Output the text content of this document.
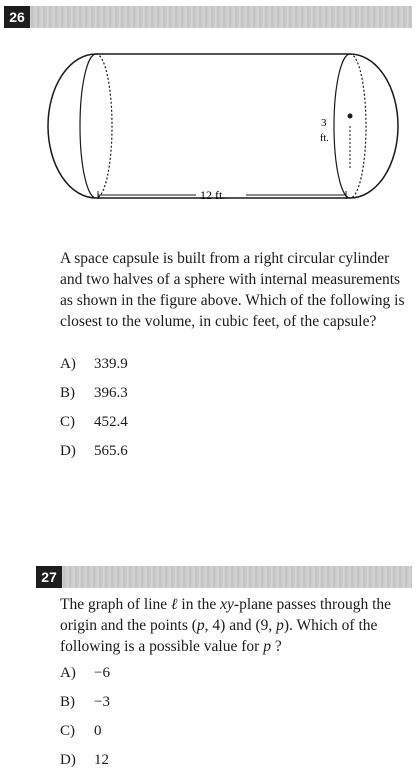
26
3
ft.
12 ft.
A space capsule is built from a right circular cylinder and two halves of a sphere with internal measurements as shown in the figure above. Which of the following is closest to the volume, in cubic feet, of the capsule?
A) 339.9
B) 396.3
C) 452.4
D) 565.6
27
The graph of line ℓ in the xy-plane passes through the origin and the points (p, 4) and (9, p). Which of the following is a possible value for p ?
A) −6
B) −3
C) 0
D) 12
